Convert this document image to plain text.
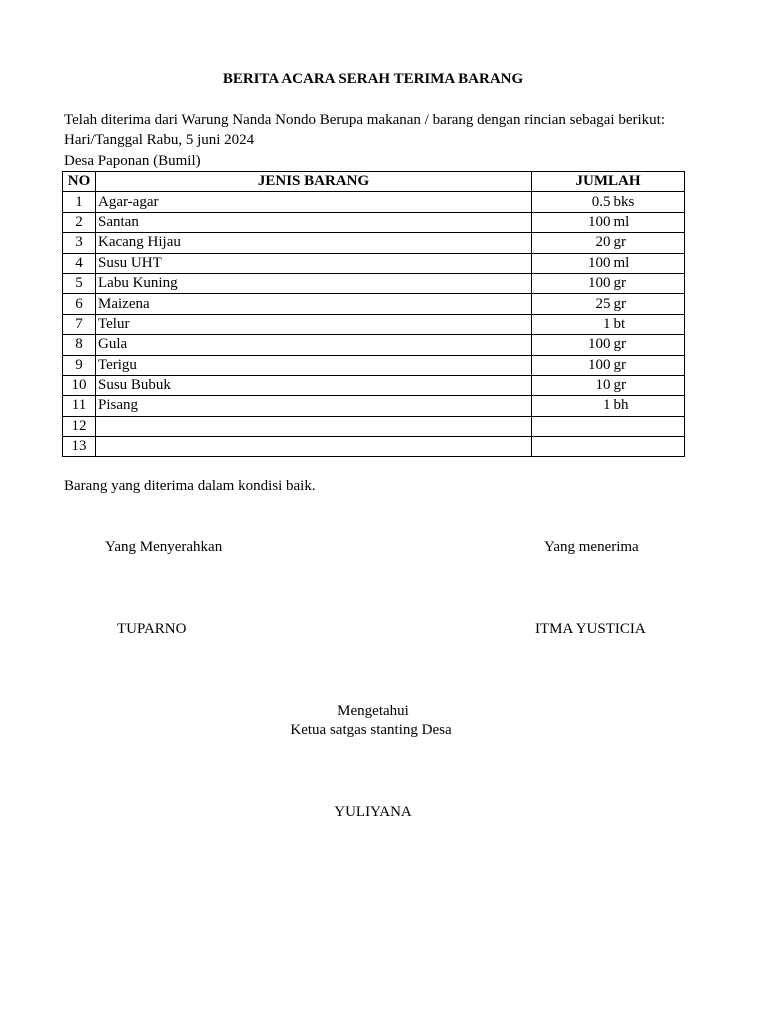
BERITA ACARA SERAH TERIMA BARANG
Telah diterima dari Warung Nanda Nondo Berupa makanan / barang dengan rincian sebagai berikut:
Hari/Tanggal Rabu, 5 juni 2024
Desa Paponan (Bumil)
NO	JENIS BARANG	JUMLAH
1	Agar-agar	0.5 bks

2	Santan	100 ml

3	Kacang Hijau	20 gr

4	Susu UHT	100 ml

5	Labu Kuning	100 gr

6	Maizena	25 gr

7	Telur	1 bt

8	Gula	100 gr

9	Terigu	100 gr

10	Susu Bubuk	10 gr

11	Pisang	1 bh

12		

13		
Barang yang diterima dalam kondisi baik.
Yang Menyerahkan	Yang menerima
TUPARNO	ITMA YUSTICIA
Mengetahui
Ketua satgas stanting Desa
YULIYANA
